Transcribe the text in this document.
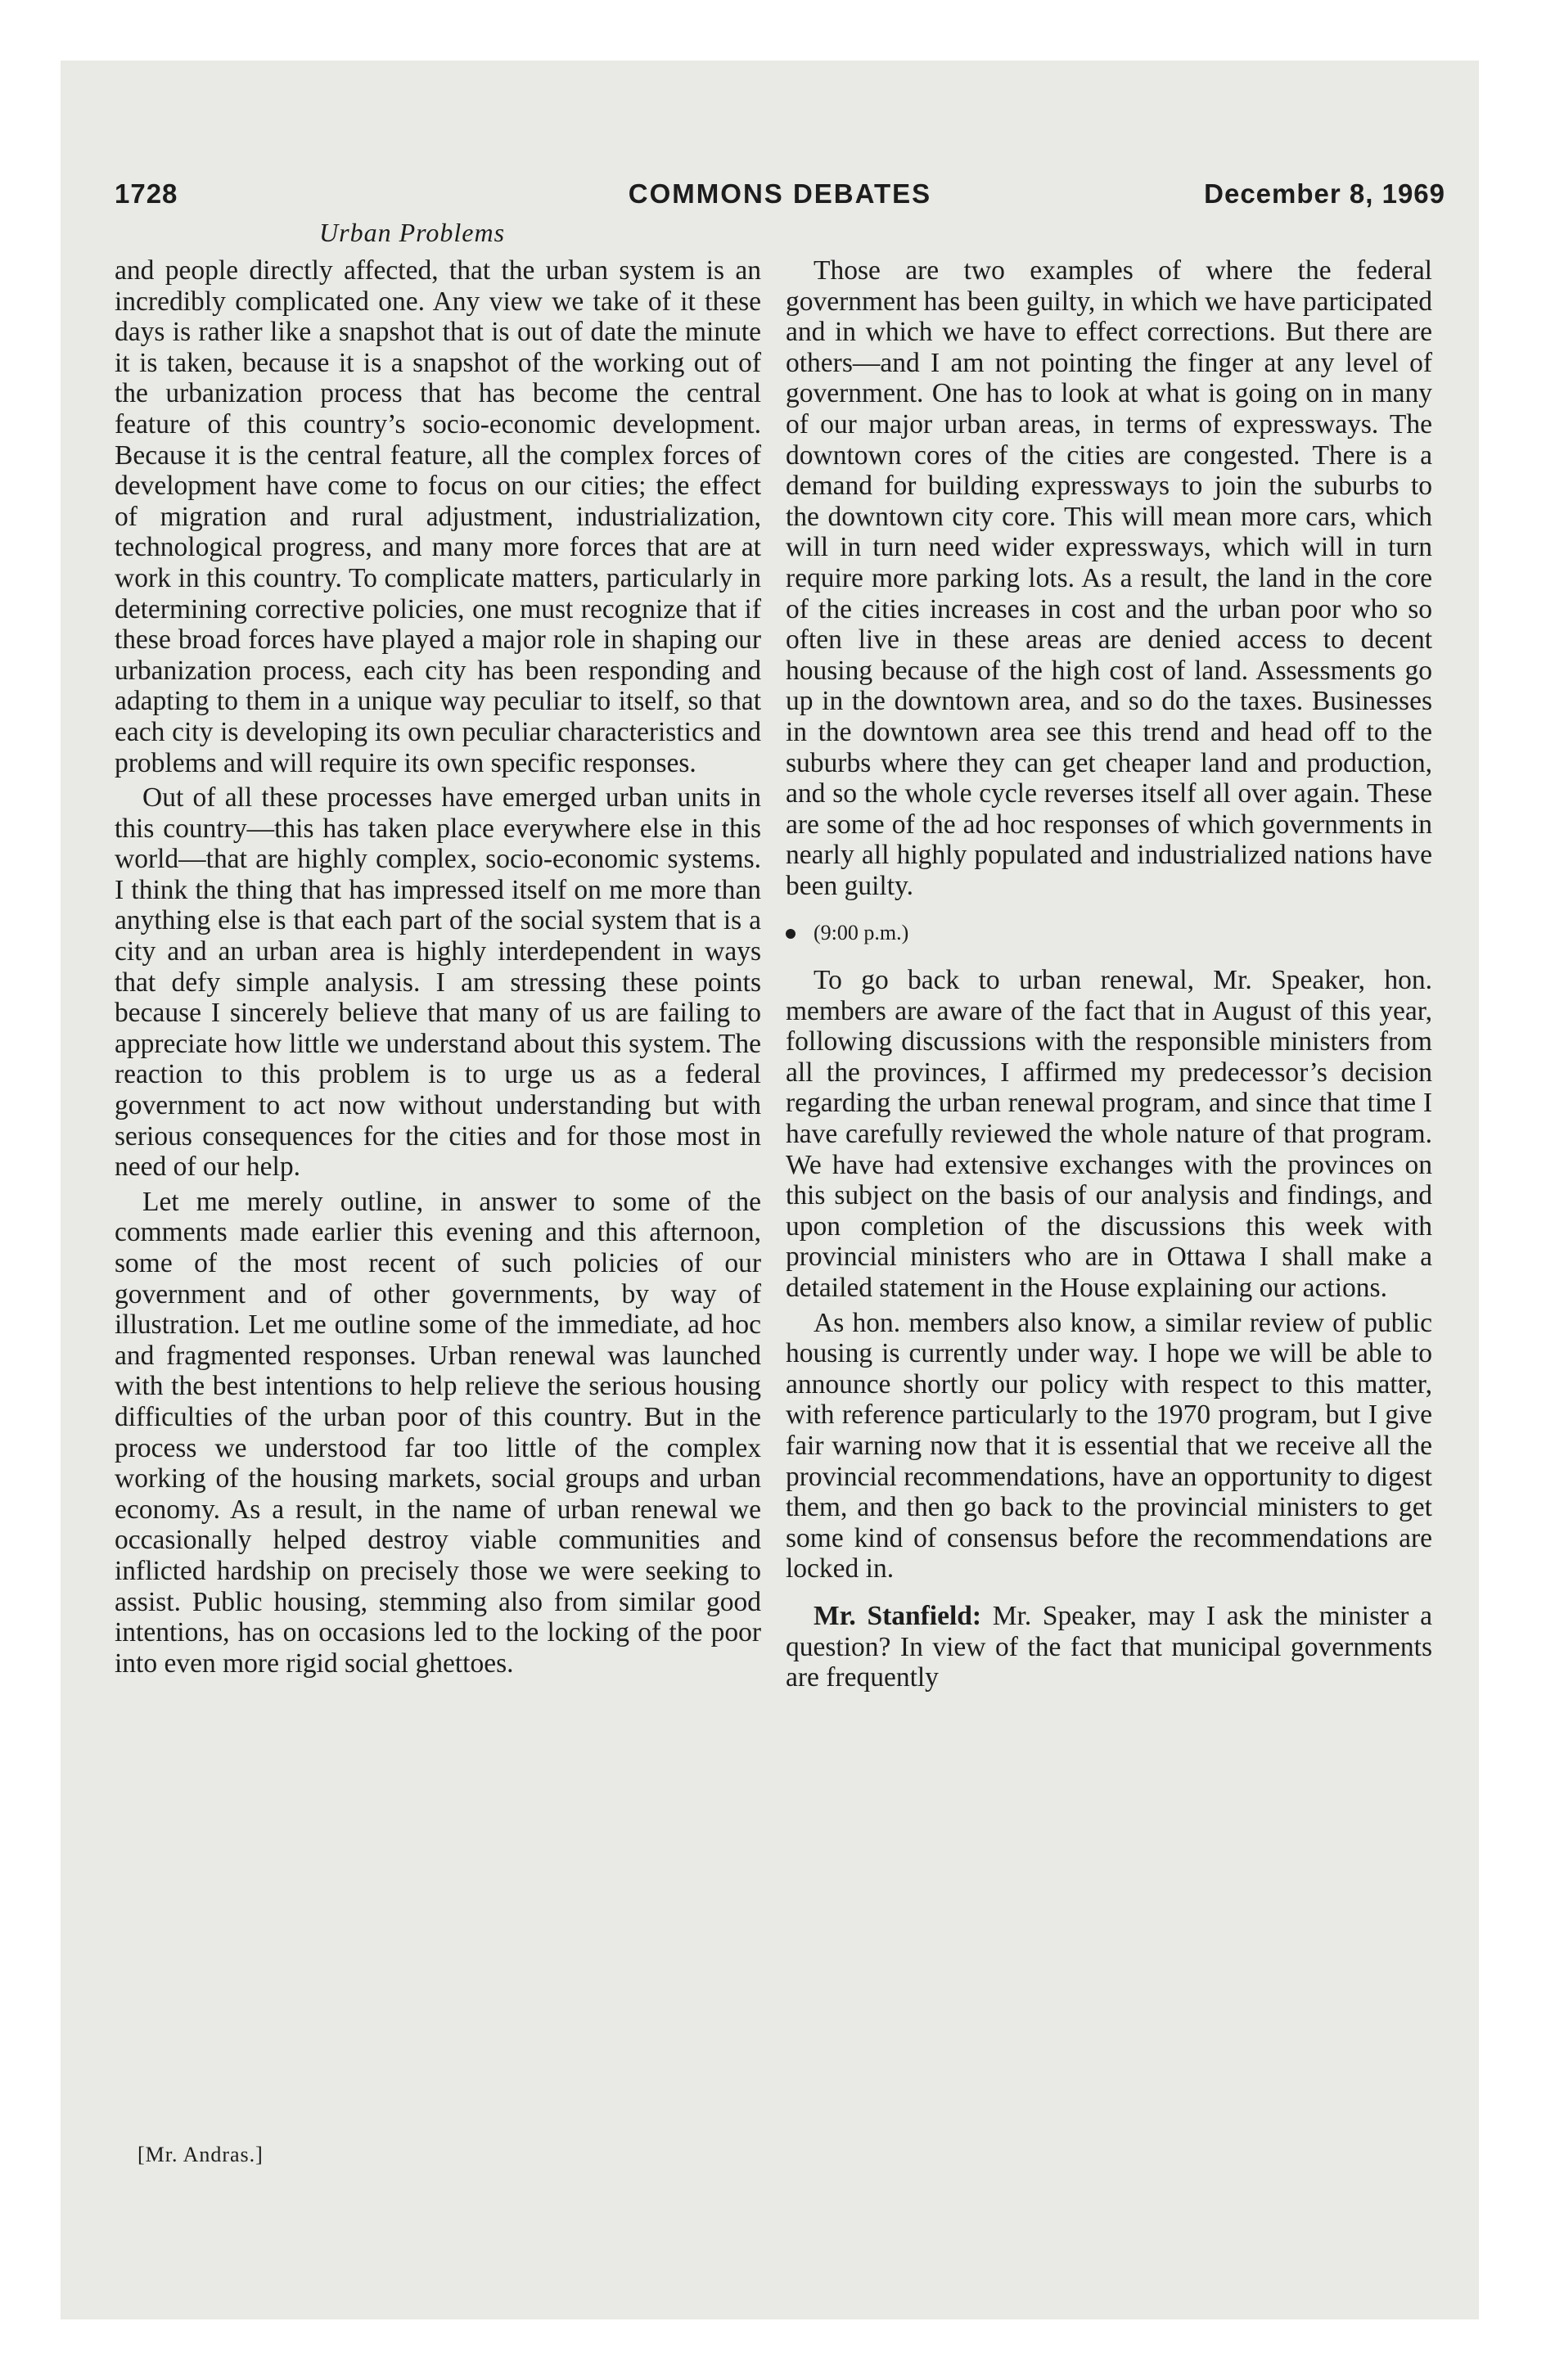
1728	COMMONS DEBATES	December 8, 1969
Urban Problems

and people directly affected, that the urban system is an incredibly complicated one. Any view we take of it these days is rather like a snapshot that is out of date the minute it is taken, because it is a snapshot of the working out of the urbanization process that has become the central feature of this country’s socio-economic development. Because it is the central feature, all the complex forces of development have come to focus on our cities; the effect of migration and rural adjustment, industrialization, technological progress, and many more forces that are at work in this country. To complicate matters, particularly in determining corrective policies, one must recognize that if these broad forces have played a major role in shaping our urbanization process, each city has been responding and adapting to them in a unique way peculiar to itself, so that each city is developing its own peculiar characteristics and problems and will require its own specific responses.

Out of all these processes have emerged urban units in this country—this has taken place everywhere else in this world—that are highly complex, socio-economic systems. I think the thing that has impressed itself on me more than anything else is that each part of the social system that is a city and an urban area is highly interdependent in ways that defy simple analysis. I am stressing these points because I sincerely believe that many of us are failing to appreciate how little we understand about this system. The reaction to this problem is to urge us as a federal government to act now without understanding but with serious consequences for the cities and for those most in need of our help.

Let me merely outline, in answer to some of the comments made earlier this evening and this afternoon, some of the most recent of such policies of our government and of other governments, by way of illustration. Let me outline some of the immediate, ad hoc and fragmented responses. Urban renewal was launched with the best intentions to help relieve the serious housing difficulties of the urban poor of this country. But in the process we understood far too little of the complex working of the housing markets, social groups and urban economy. As a result, in the name of urban renewal we occasionally helped destroy viable communities and inflicted hardship on precisely those we were seeking to assist. Public housing, stemming also from similar good intentions, has on occasions led to the locking of the poor into even more rigid social ghettoes.

Those are two examples of where the federal government has been guilty, in which we have participated and in which we have to effect corrections. But there are others—and I am not pointing the finger at any level of government. One has to look at what is going on in many of our major urban areas, in terms of expressways. The downtown cores of the cities are congested. There is a demand for building expressways to join the suburbs to the downtown city core. This will mean more cars, which will in turn need wider expressways, which will in turn require more parking lots. As a result, the land in the core of the cities increases in cost and the urban poor who so often live in these areas are denied access to decent housing because of the high cost of land. Assessments go up in the downtown area, and so do the taxes. Businesses in the downtown area see this trend and head off to the suburbs where they can get cheaper land and production, and so the whole cycle reverses itself all over again. These are some of the ad hoc responses of which governments in nearly all highly populated and industrialized nations have been guilty.

(9:00 p.m.)

To go back to urban renewal, Mr. Speaker, hon. members are aware of the fact that in August of this year, following discussions with the responsible ministers from all the provinces, I affirmed my predecessor’s decision regarding the urban renewal program, and since that time I have carefully reviewed the whole nature of that program. We have had extensive exchanges with the provinces on this subject on the basis of our analysis and findings, and upon completion of the discussions this week with provincial ministers who are in Ottawa I shall make a detailed statement in the House explaining our actions.

As hon. members also know, a similar review of public housing is currently under way. I hope we will be able to announce shortly our policy with respect to this matter, with reference particularly to the 1970 program, but I give fair warning now that it is essential that we receive all the provincial recommendations, have an opportunity to digest them, and then go back to the provincial ministers to get some kind of consensus before the recommendations are locked in.

Mr. Stanfield: Mr. Speaker, may I ask the minister a question? In view of the fact that municipal governments are frequently

[Mr. Andras.]
